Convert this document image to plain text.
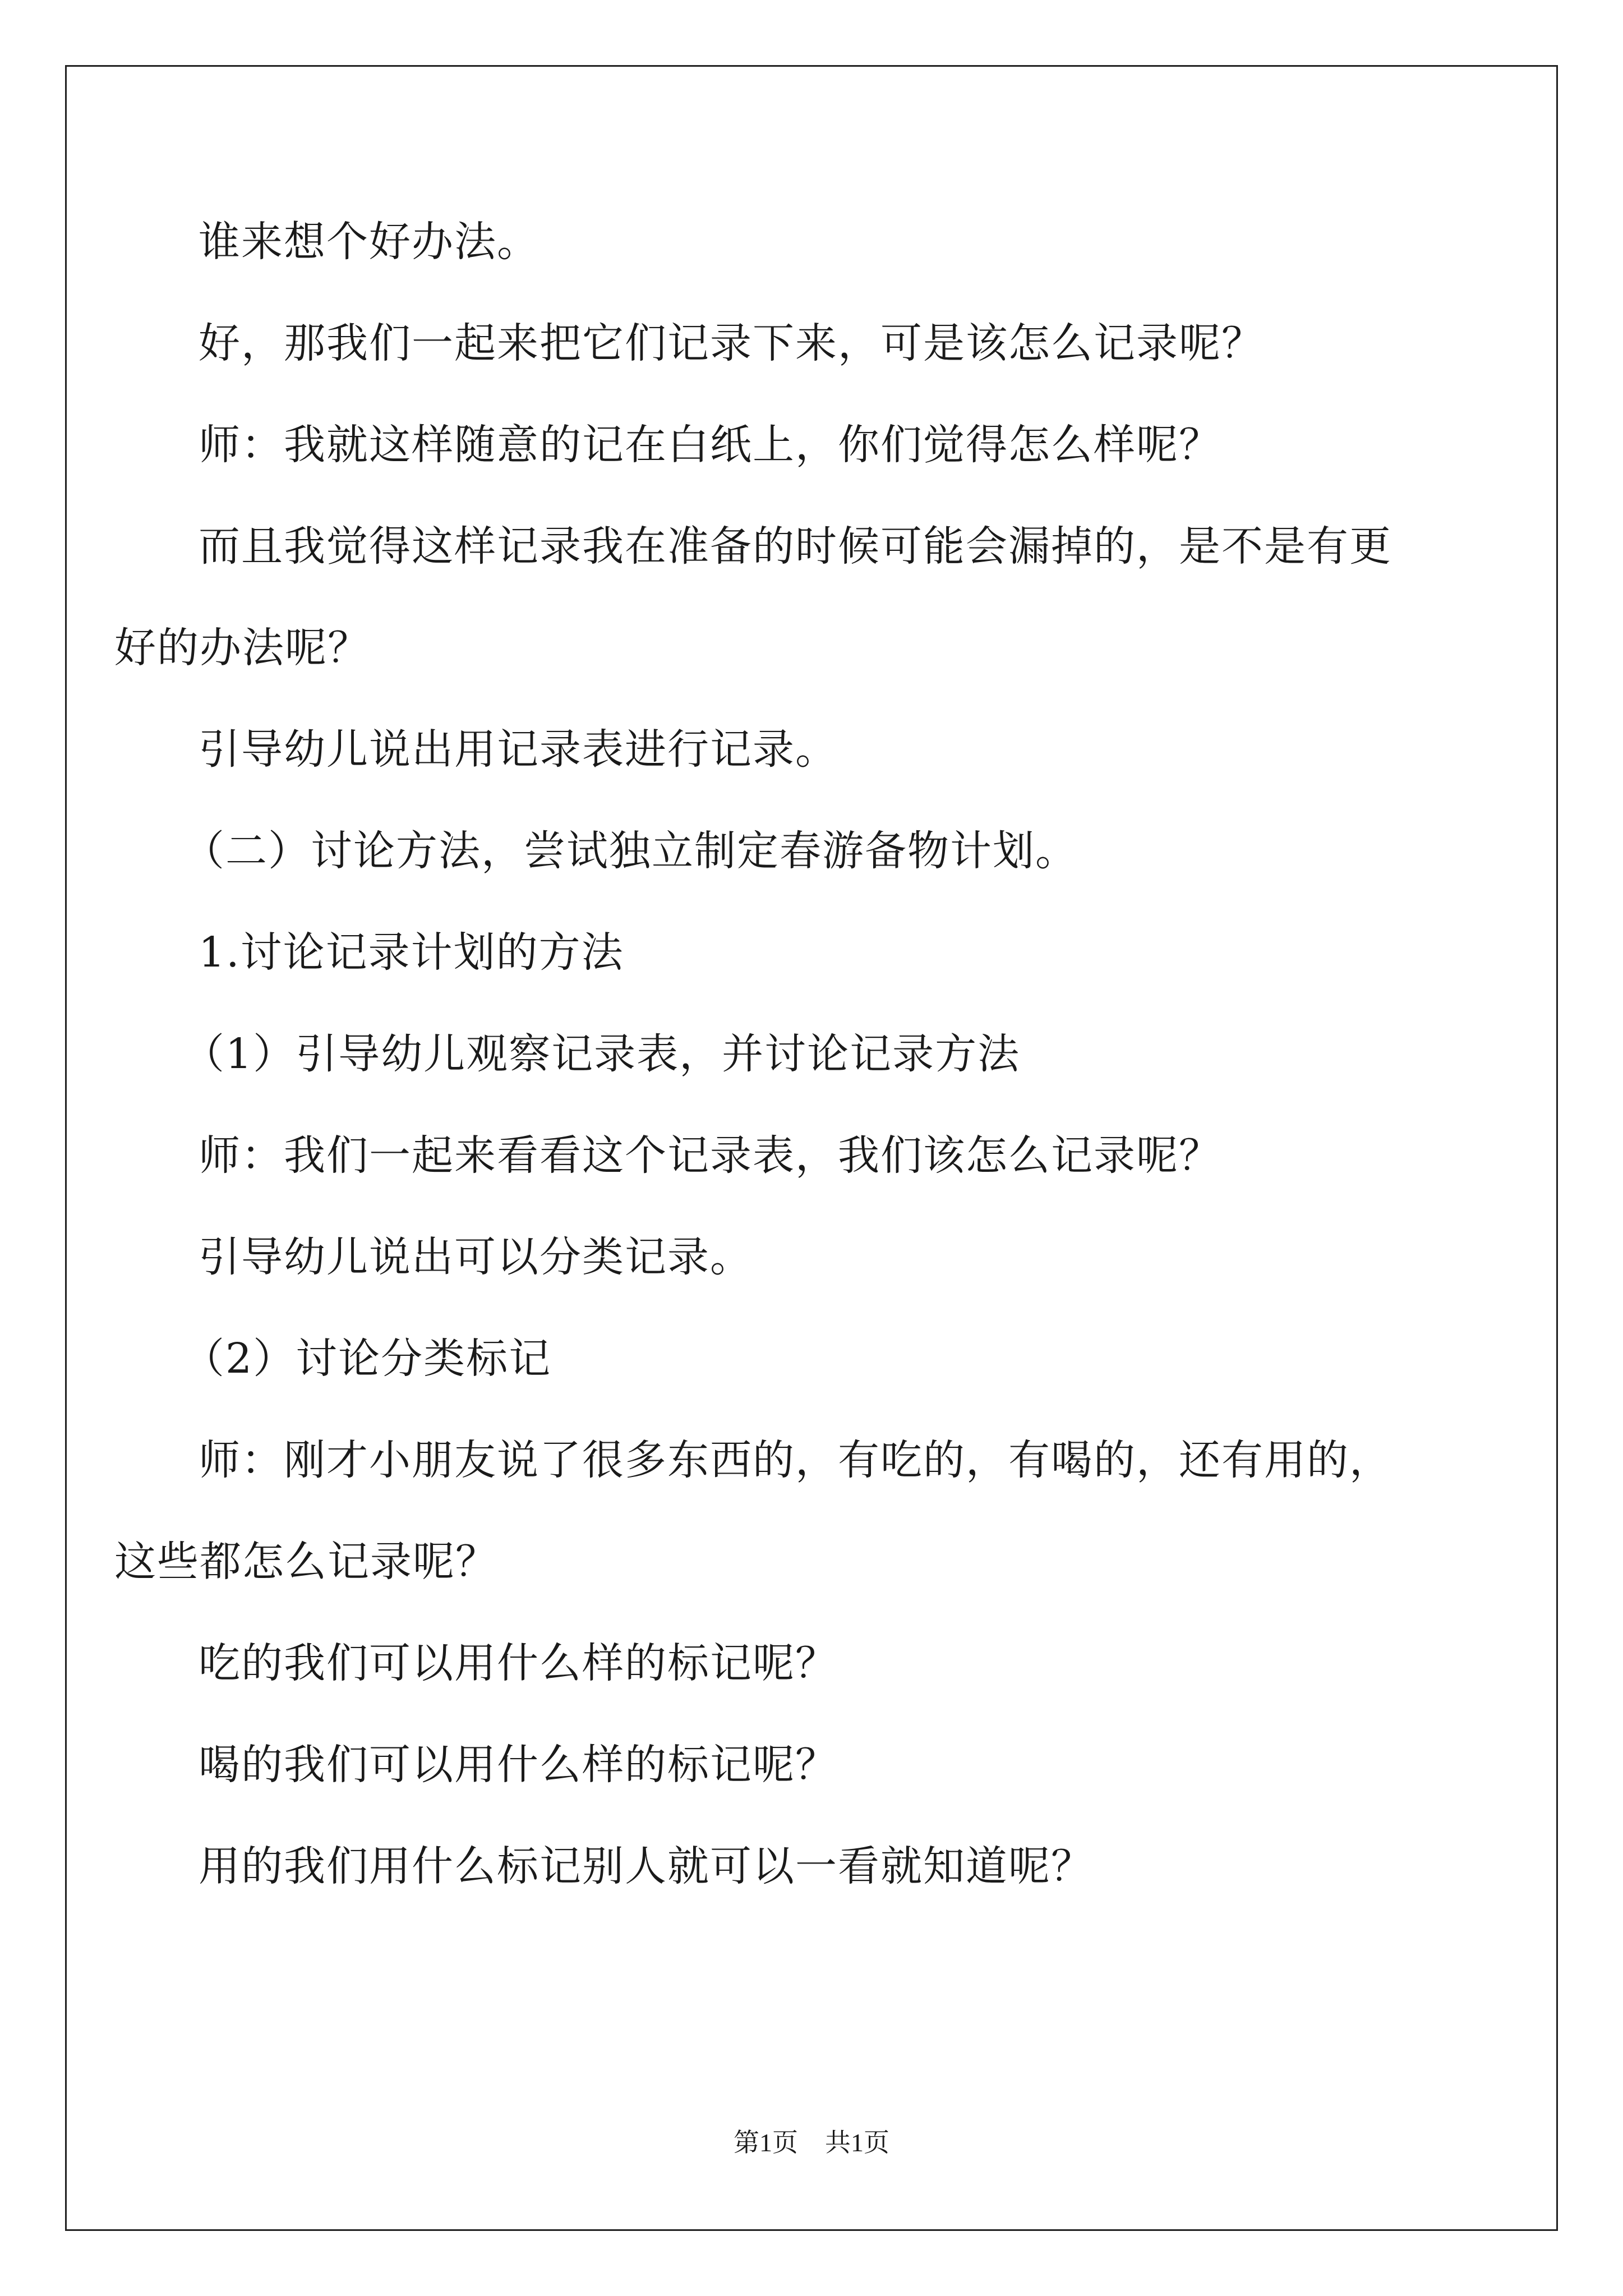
谁来想个好办法。
好，那我们一起来把它们记录下来，可是该怎么记录呢？
师：我就这样随意的记在白纸上，你们觉得怎么样呢？
而且我觉得这样记录我在准备的时候可能会漏掉的，是不是有更
好的办法呢？
引导幼儿说出用记录表进行记录。
（二）讨论方法，尝试独立制定春游备物计划。
1.讨论记录计划的方法
（1）引导幼儿观察记录表，并讨论记录方法
师：我们一起来看看这个记录表，我们该怎么记录呢？
引导幼儿说出可以分类记录。
（2）讨论分类标记
师：刚才小朋友说了很多东西的，有吃的，有喝的，还有用的，
这些都怎么记录呢？
吃的我们可以用什么样的标记呢？
喝的我们可以用什么样的标记呢？
用的我们用什么标记别人就可以一看就知道呢？
第1页 共1页
